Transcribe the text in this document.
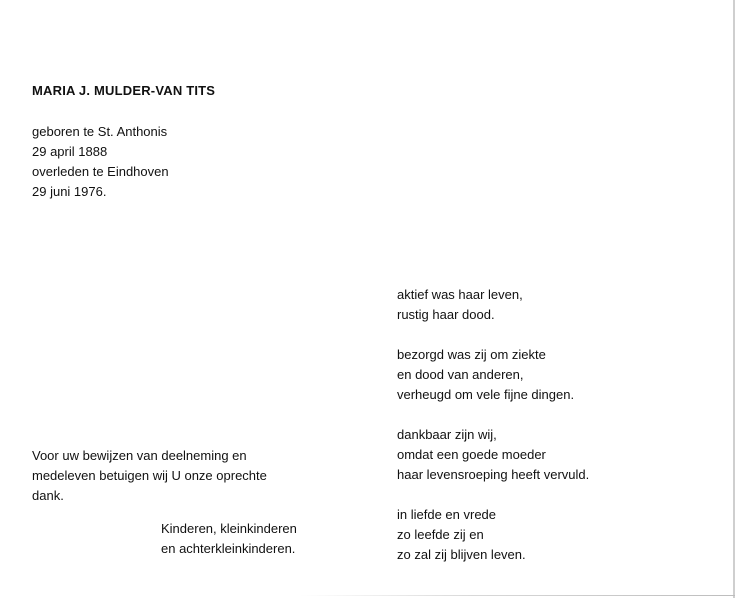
MARIA J. MULDER-VAN TITS
geboren te St. Anthonis
29 april 1888
overleden te Eindhoven
29 juni 1976.
aktief was haar leven,
rustig haar dood.
bezorgd was zij om ziekte
en dood van anderen,
verheugd om vele fijne dingen.
dankbaar zijn wij,
omdat een goede moeder
haar levensroeping heeft vervuld.
in liefde en vrede
zo leefde zij en
zo zal zij blijven leven.
Voor uw bewijzen van deelneming en
medeleven betuigen wij U onze oprechte
dank.
Kinderen, kleinkinderen
en achterkleinkinderen.
